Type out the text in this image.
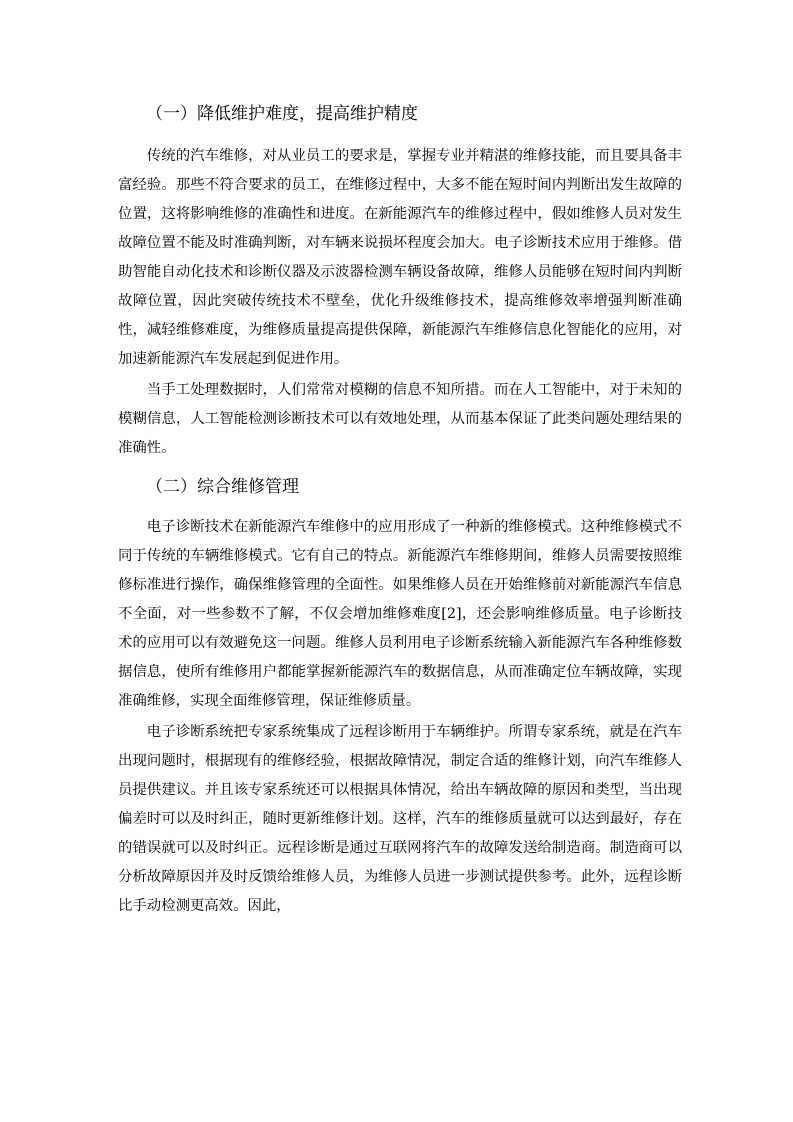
（一）降低维护难度，提高维护精度

传统的汽车维修，对从业员工的要求是，掌握专业并精湛的维修技能，而且要具备丰富经验。那些不符合要求的员工，在维修过程中，大多不能在短时间内判断出发生故障的位置，这将影响维修的准确性和进度。在新能源汽车的维修过程中，假如维修人员对发生故障位置不能及时准确判断，对车辆来说损坏程度会加大。电子诊断技术应用于维修。借助智能自动化技术和诊断仪器及示波器检测车辆设备故障，维修人员能够在短时间内判断故障位置，因此突破传统技术不壁垒，优化升级维修技术，提高维修效率增强判断准确性，减轻维修难度，为维修质量提高提供保障，新能源汽车维修信息化智能化的应用，对加速新能源汽车发展起到促进作用。

当手工处理数据时，人们常常对模糊的信息不知所措。而在人工智能中，对于未知的模糊信息，人工智能检测诊断技术可以有效地处理，从而基本保证了此类问题处理结果的准确性。

（二）综合维修管理

电子诊断技术在新能源汽车维修中的应用形成了一种新的维修模式。这种维修模式不同于传统的车辆维修模式。它有自己的特点。新能源汽车维修期间，维修人员需要按照维修标准进行操作，确保维修管理的全面性。如果维修人员在开始维修前对新能源汽车信息不全面，对一些参数不了解，不仅会增加维修难度[2]，还会影响维修质量。电子诊断技术的应用可以有效避免这一问题。维修人员利用电子诊断系统输入新能源汽车各种维修数据信息，使所有维修用户都能掌握新能源汽车的数据信息，从而准确定位车辆故障，实现准确维修，实现全面维修管理，保证维修质量。

电子诊断系统把专家系统集成了远程诊断用于车辆维护。所谓专家系统，就是在汽车出现问题时，根据现有的维修经验，根据故障情况，制定合适的维修计划，向汽车维修人员提供建议。并且该专家系统还可以根据具体情况，给出车辆故障的原因和类型，当出现偏差时可以及时纠正，随时更新维修计划。这样，汽车的维修质量就可以达到最好，存在的错误就可以及时纠正。远程诊断是通过互联网将汽车的故障发送给制造商。制造商可以分析故障原因并及时反馈给维修人员，为维修人员进一步测试提供参考。此外，远程诊断比手动检测更高效。因此，
